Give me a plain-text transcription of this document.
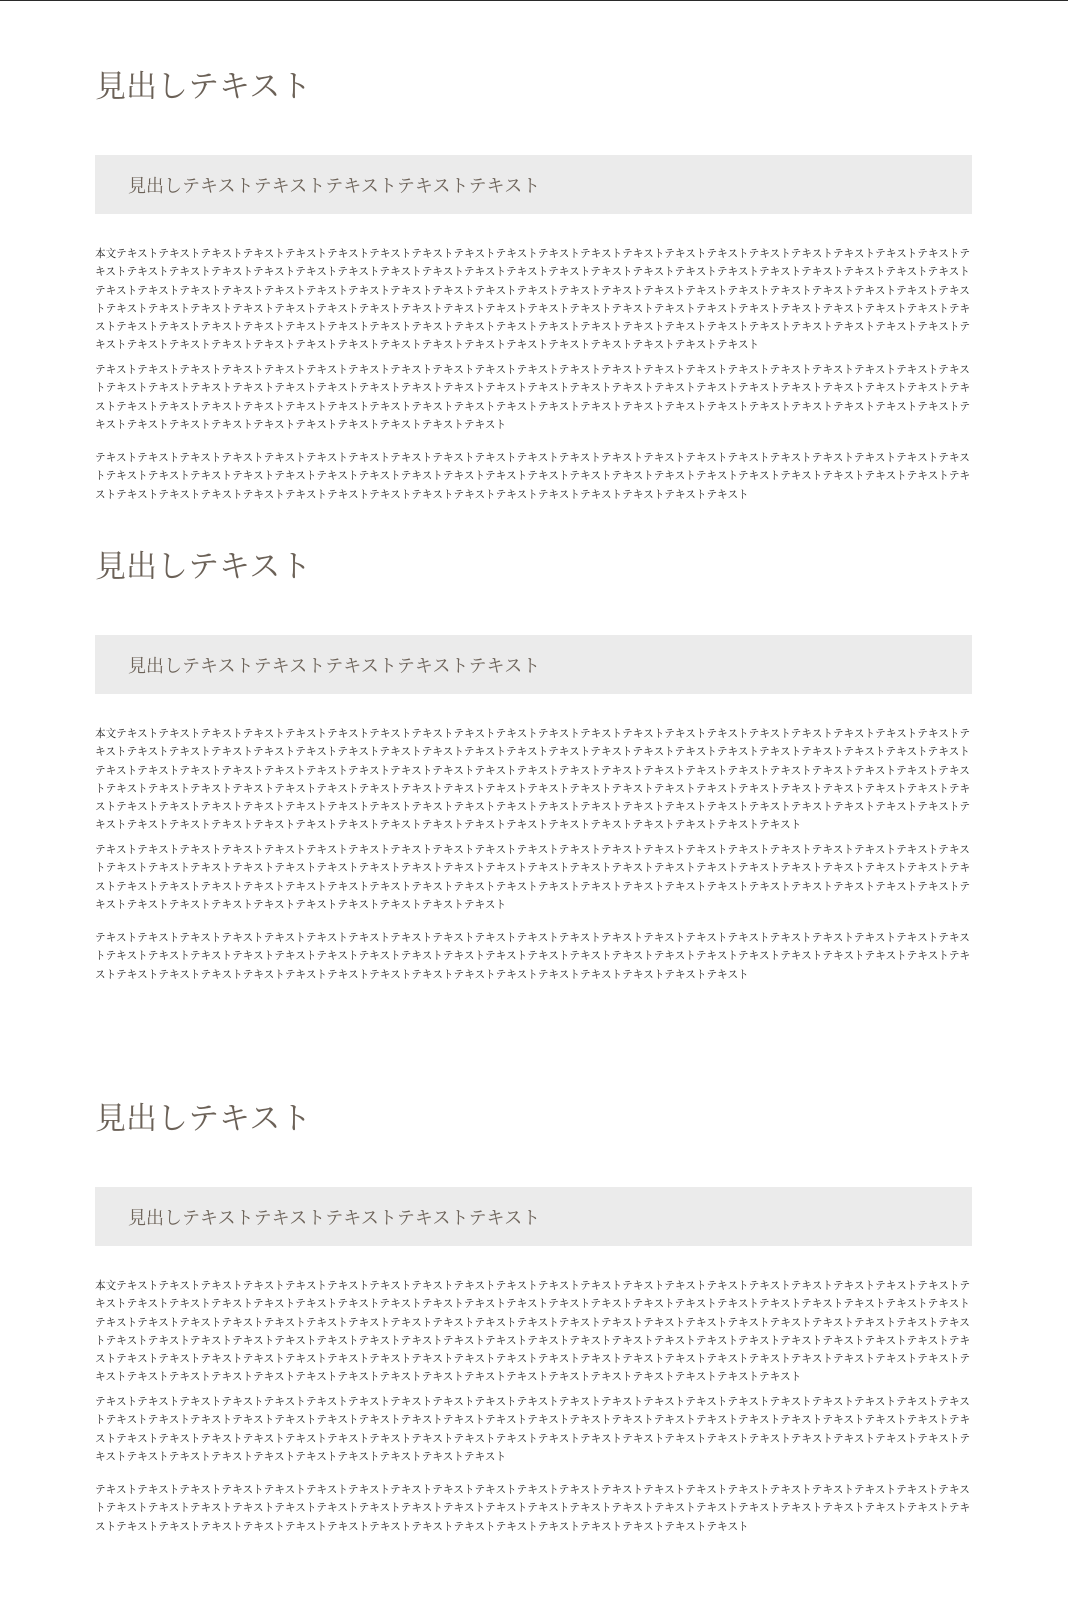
見出しテキスト
見出しテキストテキストテキストテキストテキスト

本文テキストテキストテキストテキストテキストテキストテキストテキストテキストテキストテキストテキストテキストテキストテキストテキストテキストテキストテキストテキストテキストテキストテキストテキストテキストテキストテキストテキストテキストテキストテキストテキストテキストテキストテキストテキストテキストテキストテキストテキストテキストテキストテキストテキストテキストテキストテキストテキストテキストテキストテキストテキストテキストテキストテキストテキストテキストテキストテキストテキストテキストテキストテキストテキストテキストテキストテキストテキストテキストテキストテキストテキストテキストテキストテキストテキストテキストテキストテキストテキストテキストテキストテキストテキストテキストテキストテキストテキストテキストテキストテキストテキストテキストテキストテキストテキストテキストテキストテキストテキストテキストテキストテキストテキストテキストテキストテキストテキストテキストテキストテキストテキストテキストテキストテキストテキストテキストテキストテキスト

テキストテキストテキストテキストテキストテキストテキストテキストテキストテキストテキストテキストテキストテキストテキストテキストテキストテキストテキストテキストテキストテキストテキストテキストテキストテキストテキストテキストテキストテキストテキストテキストテキストテキストテキストテキストテキストテキストテキストテキストテキストテキストテキストテキストテキストテキストテキストテキストテキストテキストテキストテキストテキストテキストテキストテキストテキストテキストテキストテキストテキストテキストテキストテキストテキストテキストテキストテキストテキストテキストテキストテキスト

テキストテキストテキストテキストテキストテキストテキストテキストテキストテキストテキストテキストテキストテキストテキストテキストテキストテキストテキストテキストテキストテキストテキストテキストテキストテキストテキストテキストテキストテキストテキストテキストテキストテキストテキストテキストテキストテキストテキストテキストテキストテキストテキストテキストテキストテキストテキストテキストテキストテキストテキストテキストテキストテキストテキストテキストテキスト

見出しテキスト
見出しテキストテキストテキストテキストテキスト

本文テキストテキストテキストテキストテキストテキストテキストテキストテキストテキストテキストテキストテキストテキストテキストテキストテキストテキストテキストテキストテキストテキストテキストテキストテキストテキストテキストテキストテキストテキストテキストテキストテキストテキストテキストテキストテキストテキストテキストテキストテキストテキストテキストテキストテキストテキストテキストテキストテキストテキストテキストテキストテキストテキストテキストテキストテキストテキストテキストテキストテキストテキストテキストテキストテキストテキストテキストテキストテキストテキストテキストテキストテキストテキストテキストテキストテキストテキストテキストテキストテキストテキストテキストテキストテキストテキストテキストテキストテキストテキストテキストテキストテキストテキストテキストテキストテキストテキストテキストテキストテキストテキストテキストテキストテキストテキストテキストテキストテキストテキストテキストテキストテキストテキストテキストテキストテキストテキストテキストテキスト

テキストテキストテキストテキストテキストテキストテキストテキストテキストテキストテキストテキストテキストテキストテキストテキストテキストテキストテキストテキストテキストテキストテキストテキストテキストテキストテキストテキストテキストテキストテキストテキストテキストテキストテキストテキストテキストテキストテキストテキストテキストテキストテキストテキストテキストテキストテキストテキストテキストテキストテキストテキストテキストテキストテキストテキストテキストテキストテキストテキストテキストテキストテキストテキストテキストテキストテキストテキストテキストテキストテキストテキスト

テキストテキストテキストテキストテキストテキストテキストテキストテキストテキストテキストテキストテキストテキストテキストテキストテキストテキストテキストテキストテキストテキストテキストテキストテキストテキストテキストテキストテキストテキストテキストテキストテキストテキストテキストテキストテキストテキストテキストテキストテキストテキストテキストテキストテキストテキストテキストテキストテキストテキストテキストテキストテキストテキストテキストテキストテキスト

見出しテキスト
見出しテキストテキストテキストテキストテキスト

本文テキストテキストテキストテキストテキストテキストテキストテキストテキストテキストテキストテキストテキストテキストテキストテキストテキストテキストテキストテキストテキストテキストテキストテキストテキストテキストテキストテキストテキストテキストテキストテキストテキストテキストテキストテキストテキストテキストテキストテキストテキストテキストテキストテキストテキストテキストテキストテキストテキストテキストテキストテキストテキストテキストテキストテキストテキストテキストテキストテキストテキストテキストテキストテキストテキストテキストテキストテキストテキストテキストテキストテキストテキストテキストテキストテキストテキストテキストテキストテキストテキストテキストテキストテキストテキストテキストテキストテキストテキストテキストテキストテキストテキストテキストテキストテキストテキストテキストテキストテキストテキストテキストテキストテキストテキストテキストテキストテキストテキストテキストテキストテキストテキストテキストテキストテキストテキストテキストテキストテキスト

テキストテキストテキストテキストテキストテキストテキストテキストテキストテキストテキストテキストテキストテキストテキストテキストテキストテキストテキストテキストテキストテキストテキストテキストテキストテキストテキストテキストテキストテキストテキストテキストテキストテキストテキストテキストテキストテキストテキストテキストテキストテキストテキストテキストテキストテキストテキストテキストテキストテキストテキストテキストテキストテキストテキストテキストテキストテキストテキストテキストテキストテキストテキストテキストテキストテキストテキストテキストテキストテキストテキストテキスト

テキストテキストテキストテキストテキストテキストテキストテキストテキストテキストテキストテキストテキストテキストテキストテキストテキストテキストテキストテキストテキストテキストテキストテキストテキストテキストテキストテキストテキストテキストテキストテキストテキストテキストテキストテキストテキストテキストテキストテキストテキストテキストテキストテキストテキストテキストテキストテキストテキストテキストテキストテキストテキストテキストテキストテキストテキスト
